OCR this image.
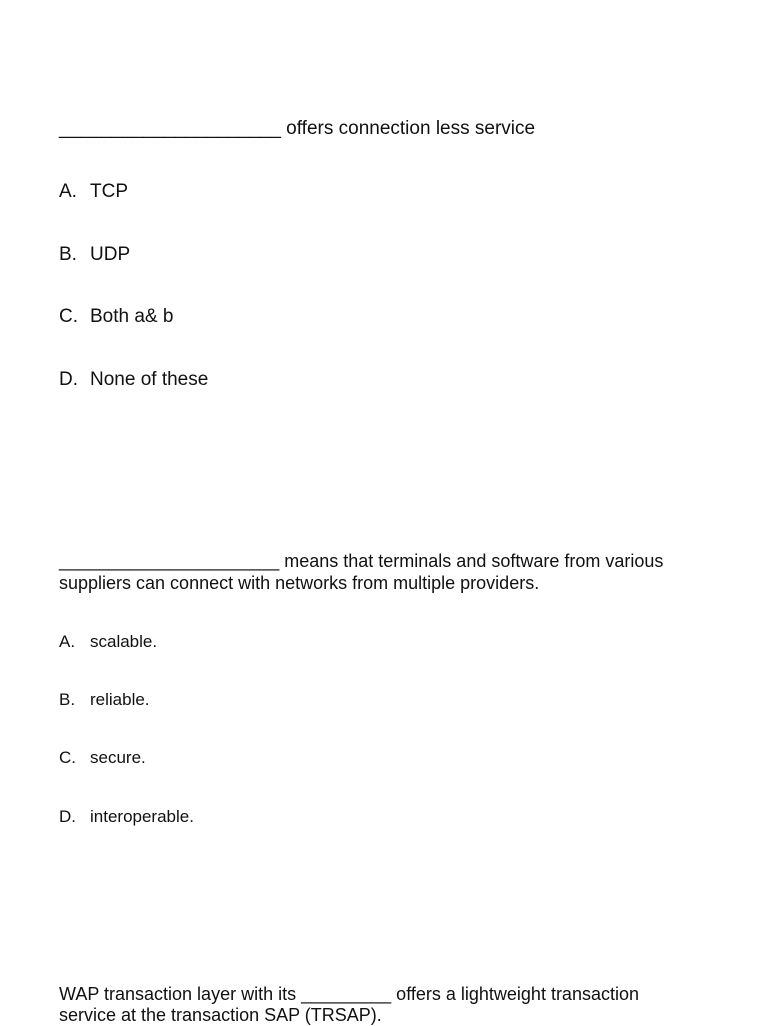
_____________________ offers connection less service
A. TCP
B. UDP
C. Both a& b
D. None of these
______________________ means that terminals and software from various
suppliers can connect with networks from multiple providers.
A. scalable.
B. reliable.
C. secure.
D. interoperable.
WAP transaction layer with its _________ offers a lightweight transaction
service at the transaction SAP (TRSAP).
